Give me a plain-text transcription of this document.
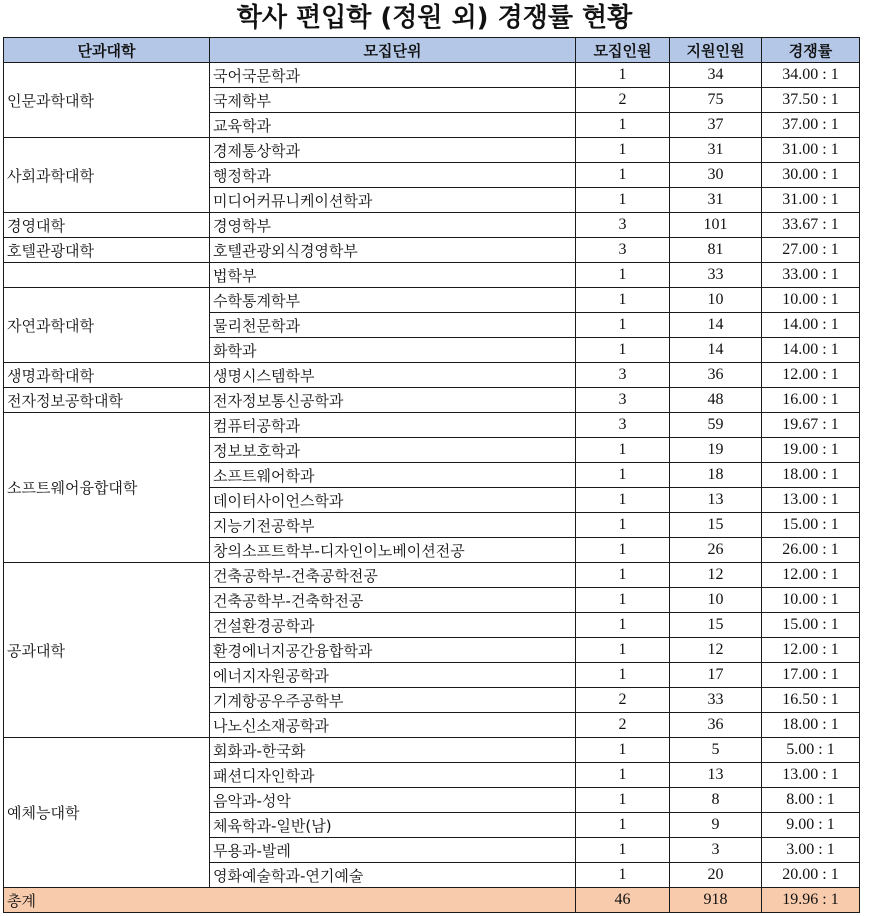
학사 편입학 (정원 외) 경쟁률 현황
단과대학	모집단위	모집인원	지원인원	경쟁률
인문과학대학	국어국문학과	1	34	34.00 : 1
	국제학부	2	75	37.50 : 1
	교육학과	1	37	37.00 : 1
사회과학대학	경제통상학과	1	31	31.00 : 1
	행정학과	1	30	30.00 : 1
	미디어커뮤니케이션학과	1	31	31.00 : 1
경영대학	경영학부	3	101	33.67 : 1
호텔관광대학	호텔관광외식경영학부	3	81	27.00 : 1
	법학부	1	33	33.00 : 1
자연과학대학	수학통계학부	1	10	10.00 : 1
	물리천문학과	1	14	14.00 : 1
	화학과	1	14	14.00 : 1
생명과학대학	생명시스템학부	3	36	12.00 : 1
전자정보공학대학	전자정보통신공학과	3	48	16.00 : 1
소프트웨어융합대학	컴퓨터공학과	3	59	19.67 : 1
	정보보호학과	1	19	19.00 : 1
	소프트웨어학과	1	18	18.00 : 1
	데이터사이언스학과	1	13	13.00 : 1
	지능기전공학부	1	15	15.00 : 1
	창의소프트학부-디자인이노베이션전공	1	26	26.00 : 1
공과대학	건축공학부-건축공학전공	1	12	12.00 : 1
	건축공학부-건축학전공	1	10	10.00 : 1
	건설환경공학과	1	15	15.00 : 1
	환경에너지공간융합학과	1	12	12.00 : 1
	에너지자원공학과	1	17	17.00 : 1
	기계항공우주공학부	2	33	16.50 : 1
	나노신소재공학과	2	36	18.00 : 1
예체능대학	회화과-한국화	1	5	5.00 : 1
	패션디자인학과	1	13	13.00 : 1
	음악과-성악	1	8	8.00 : 1
	체육학과-일반(남)	1	9	9.00 : 1
	무용과-발레	1	3	3.00 : 1
	영화예술학과-연기예술	1	20	20.00 : 1
총계		46	918	19.96 : 1
